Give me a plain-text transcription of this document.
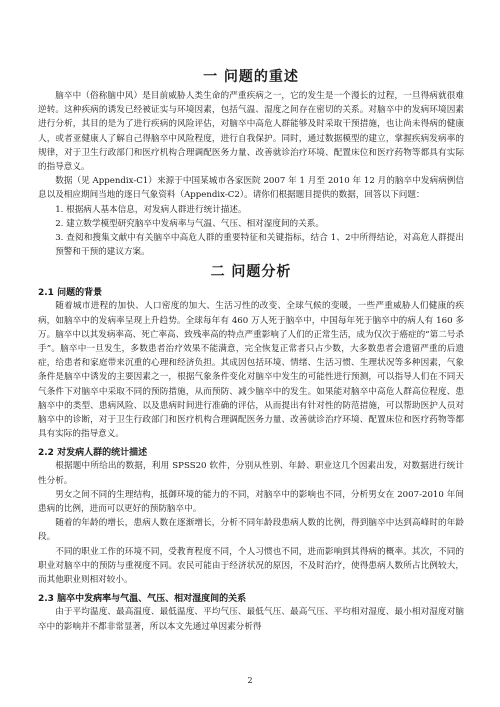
一 问题的重述

脑卒中（俗称脑中风）是目前威胁人类生命的严重疾病之一，它的发生是一个漫长的过程，一旦得病就很难逆转。这种疾病的诱发已经被证实与环境因素，包括气温、湿度之间存在密切的关系。对脑卒中的发病环境因素进行分析，其目的是为了进行疾病的风险评估，对脑卒中高危人群能够及时采取干预措施，也让尚未得病的健康人，或者亚健康人了解自己得脑卒中风险程度，进行自我保护。同时，通过数据模型的建立，掌握疾病发病率的规律，对于卫生行政部门和医疗机构合理调配医务力量、改善就诊治疗环境、配置床位和医疗药物等都具有实际的指导意义。

数据（见 Appendix-C1）来源于中国某城市各家医院 2007 年 1 月至 2010 年 12 月的脑卒中发病病例信息以及相应期间当地的逐日气象资料（Appendix-C2）。请你们根据题目提供的数据，回答以下问题：

1. 根据病人基本信息，对发病人群进行统计描述。

2. 建立数学模型研究脑卒中发病率与气温、气压、相对湿度间的关系。

3. 查阅和搜集文献中有关脑卒中高危人群的重要特征和关键指标，结合 1、2中所得结论，对高危人群提出预警和干预的建议方案。

二 问题分析
2.1 问题的背景

随着城市进程的加快、人口密度的加大、生活习性的改变、全球气候的变暖，一些严重威胁人们健康的疾病，如脑卒中的发病率呈现上升趋势。全球每年有 460 万人死于脑卒中，中国每年死于脑卒中的病人有 160 多万。脑卒中以其发病率高、死亡率高、致残率高的特点严重影响了人们的正常生活，成为仅次于癌症的“第二号杀手”。脑卒中一旦发生，多数患者治疗效果不能满意，完全恢复正常者只占少数，大多数患者会遗留严重的后遗症，给患者和家庭带来沉重的心理和经济负担。其成因包括环境、情绪、生活习惯、生理状况等多种因素，气象条件是脑卒中诱发的主要因素之一，根据气象条件变化对脑卒中发生的可能性进行预测，可以指导人们在不同天气条件下对脑卒中采取不同的预防措施，从而预防、减少脑卒中的发生。如果能对脑卒中高危人群高位程度、患脑卒中的类型、患病风险、以及患病时间进行准确的评估，从而提出有针对性的防范措施，可以帮助医护人员对脑卒中的诊断，对于卫生行政部门和医疗机构合理调配医务力量、改善就诊治疗环境、配置床位和医疗药物等都具有实际的指导意义。

2.2 对发病人群的统计描述

根据题中所给出的数据，利用 SPSS20 软件，分别从性别、年龄、职业这几个因素出发，对数据进行统计性分析。

男女之间不同的生理结构，抵御环境的能力的不同，对脑卒中的影响也不同，分析男女在 2007-2010 年间患病的比例，进而可以更好的预防脑卒中。

随着的年龄的增长，患病人数在逐渐增长，分析不同年龄段患病人数的比例，得到脑卒中达到高峰时的年龄段。

不同的职业工作的环境不同，受教育程度不同，个人习惯也不同，进而影响到其得病的概率。其次，不同的职业对脑卒中的预防与重视度不同。农民可能由于经济状况的原因，不及时治疗，使得患病人数所占比例较大，而其他职业则相对较小。

2.3 脑卒中发病率与气温、气压、相对湿度间的关系

由于平均温度、最高温度、最低温度、平均气压、最低气压、最高气压、平均相对湿度、最小相对湿度对脑卒中的影响并不都非常显著，所以本文先通过单因素分析得

2
